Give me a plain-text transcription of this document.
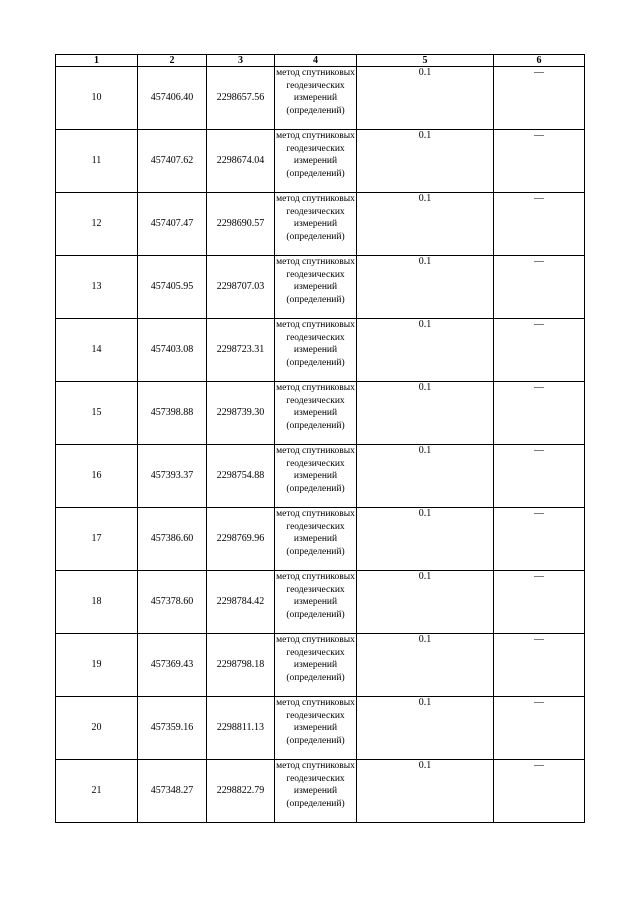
1	2	3	4	5	6
10	457406.40	2298657.56	метод спутниковых геодезических измерений (определений)	0.1	—

11	457407.62	2298674.04	метод спутниковых геодезических измерений (определений)	0.1	—

12	457407.47	2298690.57	метод спутниковых геодезических измерений (определений)	0.1	—

13	457405.95	2298707.03	метод спутниковых геодезических измерений (определений)	0.1	—

14	457403.08	2298723.31	метод спутниковых геодезических измерений (определений)	0.1	—

15	457398.88	2298739.30	метод спутниковых геодезических измерений (определений)	0.1	—

16	457393.37	2298754.88	метод спутниковых геодезических измерений (определений)	0.1	—

17	457386.60	2298769.96	метод спутниковых геодезических измерений (определений)	0.1	—

18	457378.60	2298784.42	метод спутниковых геодезических измерений (определений)	0.1	—

19	457369.43	2298798.18	метод спутниковых геодезических измерений (определений)	0.1	—

20	457359.16	2298811.13	метод спутниковых геодезических измерений (определений)	0.1	—

21	457348.27	2298822.79	метод спутниковых геодезических измерений (определений)	0.1	—
